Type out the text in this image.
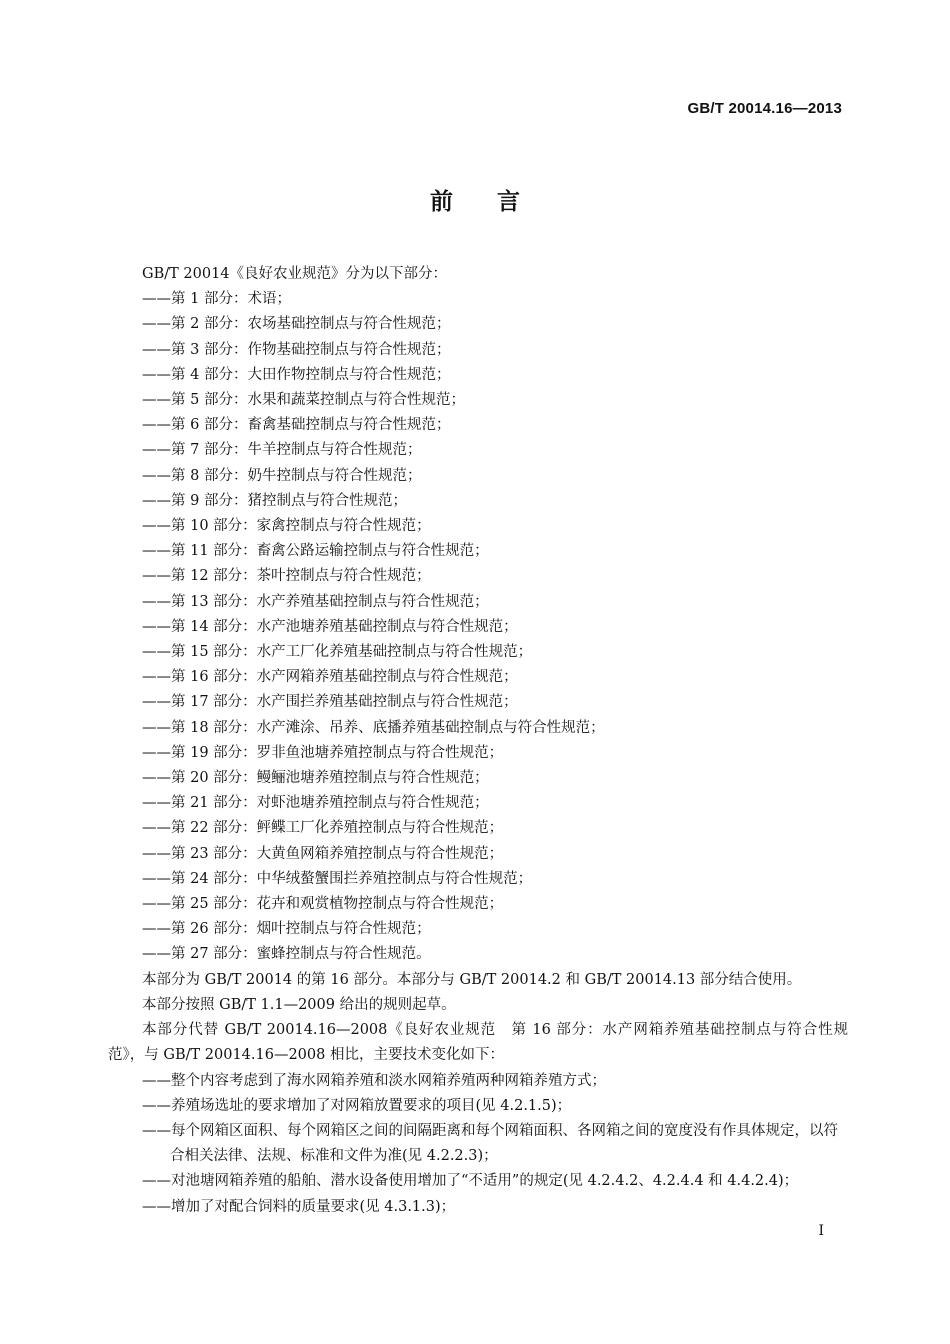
GB/T 20014.16—2013
前言

GB/T 20014《良好农业规范》分为以下部分：

——第 1 部分：术语；

——第 2 部分：农场基础控制点与符合性规范；

——第 3 部分：作物基础控制点与符合性规范；

——第 4 部分：大田作物控制点与符合性规范；

——第 5 部分：水果和蔬菜控制点与符合性规范；

——第 6 部分：畜禽基础控制点与符合性规范；

——第 7 部分：牛羊控制点与符合性规范；

——第 8 部分：奶牛控制点与符合性规范；

——第 9 部分：猪控制点与符合性规范；

——第 10 部分：家禽控制点与符合性规范；

——第 11 部分：畜禽公路运输控制点与符合性规范；

——第 12 部分：茶叶控制点与符合性规范；

——第 13 部分：水产养殖基础控制点与符合性规范；

——第 14 部分：水产池塘养殖基础控制点与符合性规范；

——第 15 部分：水产工厂化养殖基础控制点与符合性规范；

——第 16 部分：水产网箱养殖基础控制点与符合性规范；

——第 17 部分：水产围拦养殖基础控制点与符合性规范；

——第 18 部分：水产滩涂、吊养、底播养殖基础控制点与符合性规范；

——第 19 部分：罗非鱼池塘养殖控制点与符合性规范；

——第 20 部分：鳗鲡池塘养殖控制点与符合性规范；

——第 21 部分：对虾池塘养殖控制点与符合性规范；

——第 22 部分：鲆鲽工厂化养殖控制点与符合性规范；

——第 23 部分：大黄鱼网箱养殖控制点与符合性规范；

——第 24 部分：中华绒螯蟹围拦养殖控制点与符合性规范；

——第 25 部分：花卉和观赏植物控制点与符合性规范；

——第 26 部分：烟叶控制点与符合性规范；

——第 27 部分：蜜蜂控制点与符合性规范。

本部分为 GB/T 20014 的第 16 部分。本部分与 GB/T 20014.2 和 GB/T 20014.13 部分结合使用。

本部分按照 GB/T 1.1—2009 给出的规则起草。

本部分代替 GB/T 20014.16—2008《良好农业规范　第 16 部分：水产网箱养殖基础控制点与符合性规范》，与 GB/T 20014.16—2008 相比，主要技术变化如下：

——整个内容考虑到了海水网箱养殖和淡水网箱养殖两种网箱养殖方式；

——养殖场选址的要求增加了对网箱放置要求的项目(见 4.2.1.5)；

——每个网箱区面积、每个网箱区之间的间隔距离和每个网箱面积、各网箱之间的宽度没有作具体规定，以符合相关法律、法规、标准和文件为准(见 4.2.2.3)；

——对池塘网箱养殖的船舶、潜水设备使用增加了“不适用”的规定(见 4.2.4.2、4.2.4.4 和 4.4.2.4)；

——增加了对配合饲料的质量要求(见 4.3.1.3)；

I
